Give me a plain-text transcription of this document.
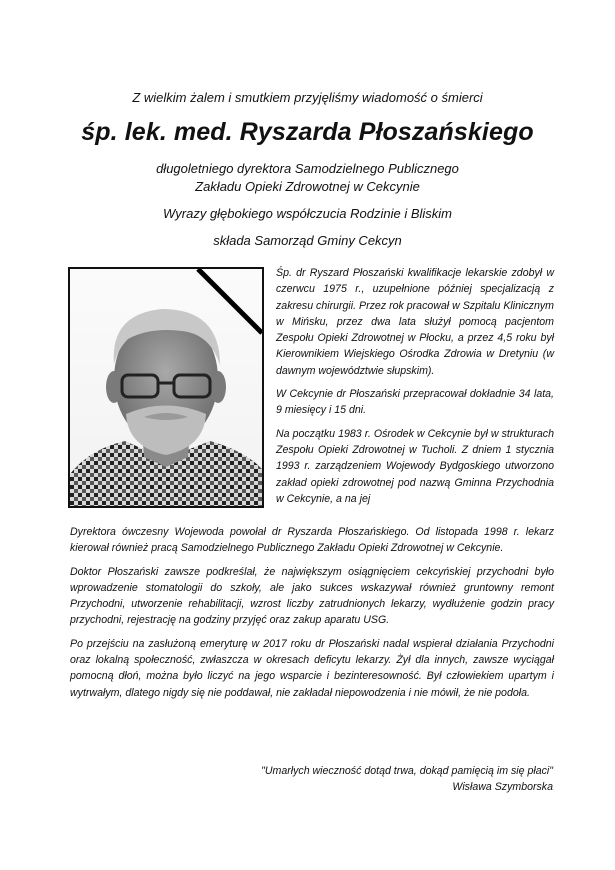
Z wielkim żalem i smutkiem przyjęliśmy wiadomość o śmierci
śp. lek. med. Ryszarda Płoszańskiego
długoletniego dyrektora Samodzielnego Publicznego
Zakładu Opieki Zdrowotnej w Cekcynie
Wyrazy głębokiego współczucia Rodzinie i Bliskim
składa Samorząd Gminy Cekcyn

Śp. dr Ryszard Płoszański kwalifikacje lekarskie zdobył w czerwcu 1975 r., uzupełnione później specjalizacją z zakresu chirurgii. Przez rok pracował w Szpitalu Klinicznym w Mińsku, przez dwa lata służył pomocą pacjentom Zespołu Opieki Zdrowotnej w Płocku, a przez 4,5 roku był Kierownikiem Wiejskiego Ośrodka Zdrowia w Dretyniu (w dawnym województwie słupskim).

W Cekcynie dr Płoszański przepracował dokładnie 34 lata, 9 miesięcy i 15 dni.

Na początku 1983 r. Ośrodek w Cekcynie był w strukturach Zespołu Opieki Zdrowotnej w Tucholi. Z dniem 1 stycznia 1993 r. zarządzeniem Wojewody Bydgoskiego utworzono zakład opieki zdrowotnej pod nazwą Gminna Przychodnia w Cekcynie, a na jej

Dyrektora ówczesny Wojewoda powołał dr Ryszarda Płoszańskiego. Od listopada 1998 r. lekarz kierował również pracą Samodzielnego Publicznego Zakładu Opieki Zdrowotnej w Cekcynie.

Doktor Płoszański zawsze podkreślał, że największym osiągnięciem cekcyńskiej przychodni było wprowadzenie stomatologii do szkoły, ale jako sukces wskazywał również gruntowny remont Przychodni, utworzenie rehabilitacji, wzrost liczby zatrudnionych lekarzy, wydłużenie godzin pracy przychodni, rejestrację na godziny przyjęć oraz zakup aparatu USG.

Po przejściu na zasłużoną emeryturę w 2017 roku dr Płoszański nadal wspierał działania Przychodni oraz lokalną społeczność, zwłaszcza w okresach deficytu lekarzy. Żył dla innych, zawsze wyciągał pomocną dłoń, można było liczyć na jego wsparcie i bezinteresowność. Był człowiekiem upartym i wytrwałym, dlatego nigdy się nie poddawał, nie zakładał niepowodzenia i nie mówił, że nie podoła.

"Umarłych wieczność dotąd trwa, dokąd pamięcią im się płaci"
Wisława Szymborska
